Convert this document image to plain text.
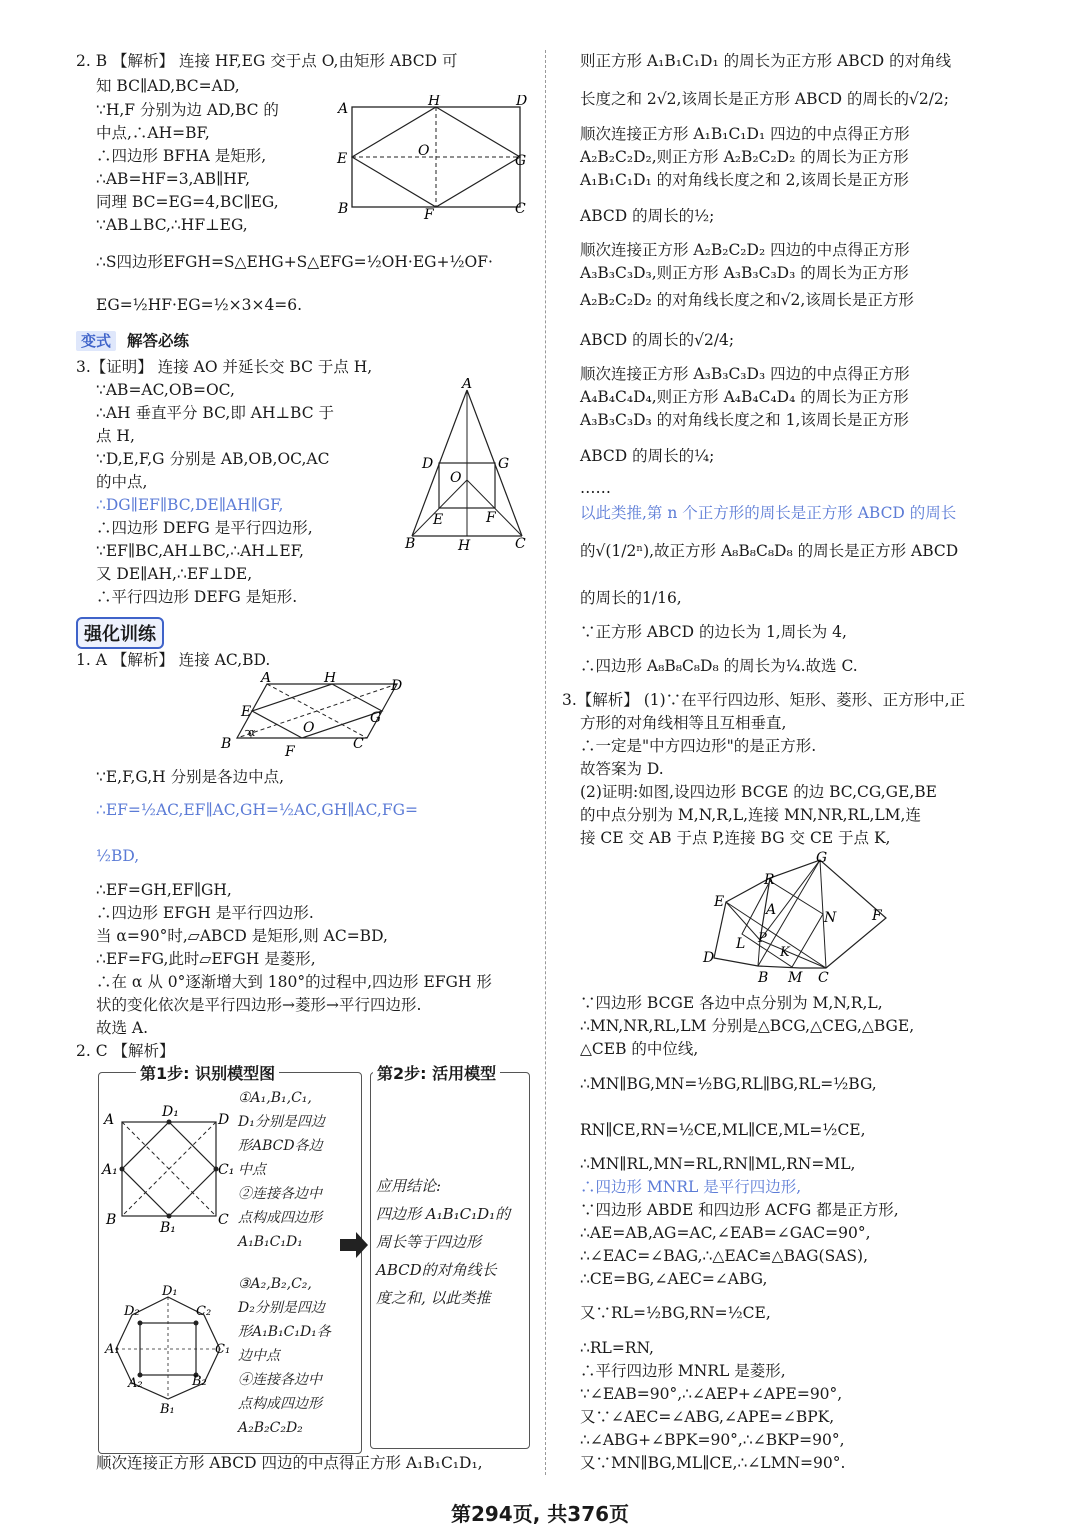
2. B 【解析】 连接 HF,EG 交于点 O,由矩形 ABCD 可
知 BC∥AD,BC=AD,
∵H,F 分别为边 AD,BC 的
中点,∴AH=BF,
∴四边形 BFHA 是矩形,
∴AB=HF=3,AB∥HF,
同理 BC=EG=4,BC∥EG,
∵AB⊥BC,∴HF⊥EG,
∴S四边形EFGH=S△EHG+S△EFG=½OH·EG+½OF·
EG=½HF·EG=½×3×4=6.
A	H	D
E	O
G
B	F	C
变式 解答必练
3.【证明】 连接 AO 并延长交 BC 于点 H,
∵AB=AC,OB=OC,
∴AH 垂直平分 BC,即 AH⊥BC 于
点 H,
∵D,E,F,G 分别是 AB,OB,OC,AC
的中点,
∴DG∥EF∥BC,DE∥AH∥GF,
∴四边形 DEFG 是平行四边形,
∵EF∥BC,AH⊥BC,∴AH⊥EF,
又 DE∥AH,∴EF⊥DE,
∴平行四边形 DEFG 是矩形.
A
D	G
O
E	F
B	H	C
强化训练
1. A 【解析】 连接 AC,BD.
A	H	D
E
O
G
α
B	F	C
∵E,F,G,H 分别是各边中点,
∴EF=½AC,EF∥AC,GH=½AC,GH∥AC,FG=
½BD,
∴EF=GH,EF∥GH,
∴四边形 EFGH 是平行四边形.
当 α=90°时,▱ABCD 是矩形,则 AC=BD,
∴EF=FG,此时▱EFGH 是菱形,
∴在 α 从 0°逐渐增大到 180°的过程中,四边形 EFGH 形
状的变化依次是平行四边形→菱形→平行四边形.
故选 A.
2. C 【解析】
第1步: 识别模型图	第2步: 活用模型
A	D₁	D
A₁	C₁
B	B₁	C
D₁
D₂	C₂
A₁	C₁
A₂	B₂
B₁
①A₁,B₁,C₁,
D₁分别是四边
形ABCD各边
中点
②连接各边中
点构成四边形
A₁B₁C₁D₁
③A₂,B₂,C₂,
D₂分别是四边
形A₁B₁C₁D₁各
边中点
④连接各边中
点构成四边形
A₂B₂C₂D₂
应用结论:
四边形 A₁B₁C₁D₁的
周长等于四边形
ABCD的对角线长
度之和, 以此类推
顺次连接正方形 ABCD 四边的中点得正方形 A₁B₁C₁D₁,
则正方形 A₁B₁C₁D₁ 的周长为正方形 ABCD 的对角线
长度之和 2√2,该周长是正方形 ABCD 的周长的√2/2;
顺次连接正方形 A₁B₁C₁D₁ 四边的中点得正方形
A₂B₂C₂D₂,则正方形 A₂B₂C₂D₂ 的周长为正方形
A₁B₁C₁D₁ 的对角线长度之和 2,该周长是正方形
ABCD 的周长的½;
顺次连接正方形 A₂B₂C₂D₂ 四边的中点得正方形
A₃B₃C₃D₃,则正方形 A₃B₃C₃D₃ 的周长为正方形
A₂B₂C₂D₂ 的对角线长度之和√2,该周长是正方形
ABCD 的周长的√2/4;
顺次连接正方形 A₃B₃C₃D₃ 四边的中点得正方形
A₄B₄C₄D₄,则正方形 A₄B₄C₄D₄ 的周长为正方形
A₃B₃C₃D₃ 的对角线长度之和 1,该周长是正方形
ABCD 的周长的¼;
……
以此类推,第 n 个正方形的周长是正方形 ABCD 的周长
的√(1/2ⁿ),故正方形 A₈B₈C₈D₈ 的周长是正方形 ABCD
的周长的1/16,
∵正方形 ABCD 的边长为 1,周长为 4,
∴四边形 A₈B₈C₈D₈ 的周长为¼.故选 C.
3.【解析】 (1)∵在平行四边形、矩形、菱形、正方形中,正
方形的对角线相等且互相垂直,
∴一定是"中方四边形"的是正方形.
故答案为 D.
(2)证明:如图,设四边形 BCGE 的边 BC,CG,GE,BE
的中点分别为 M,N,R,L,连接 MN,NR,RL,LM,连
接 CE 交 AB 于点 P,连接 BG 交 CE 于点 K,
G
R
E	A	N	F
L P
K
D
B M C
∵四边形 BCGE 各边中点分别为 M,N,R,L,
∴MN,NR,RL,LM 分别是△BCG,△CEG,△BGE,
△CEB 的中位线,
∴MN∥BG,MN=½BG,RL∥BG,RL=½BG,
RN∥CE,RN=½CE,ML∥CE,ML=½CE,
∴MN∥RL,MN=RL,RN∥ML,RN=ML,
∴四边形 MNRL 是平行四边形,
∵四边形 ABDE 和四边形 ACFG 都是正方形,
∴AE=AB,AG=AC,∠EAB=∠GAC=90°,
∴∠EAC=∠BAG,∴△EAC≌△BAG(SAS),
∴CE=BG,∠AEC=∠ABG,
又∵RL=½BG,RN=½CE,
∴RL=RN,
∴平行四边形 MNRL 是菱形,
∵∠EAB=90°,∴∠AEP+∠APE=90°,
又∵∠AEC=∠ABG,∠APE=∠BPK,
∴∠ABG+∠BPK=90°,∴∠BKP=90°,
又∵MN∥BG,ML∥CE,∴∠LMN=90°.
第294页, 共376页
